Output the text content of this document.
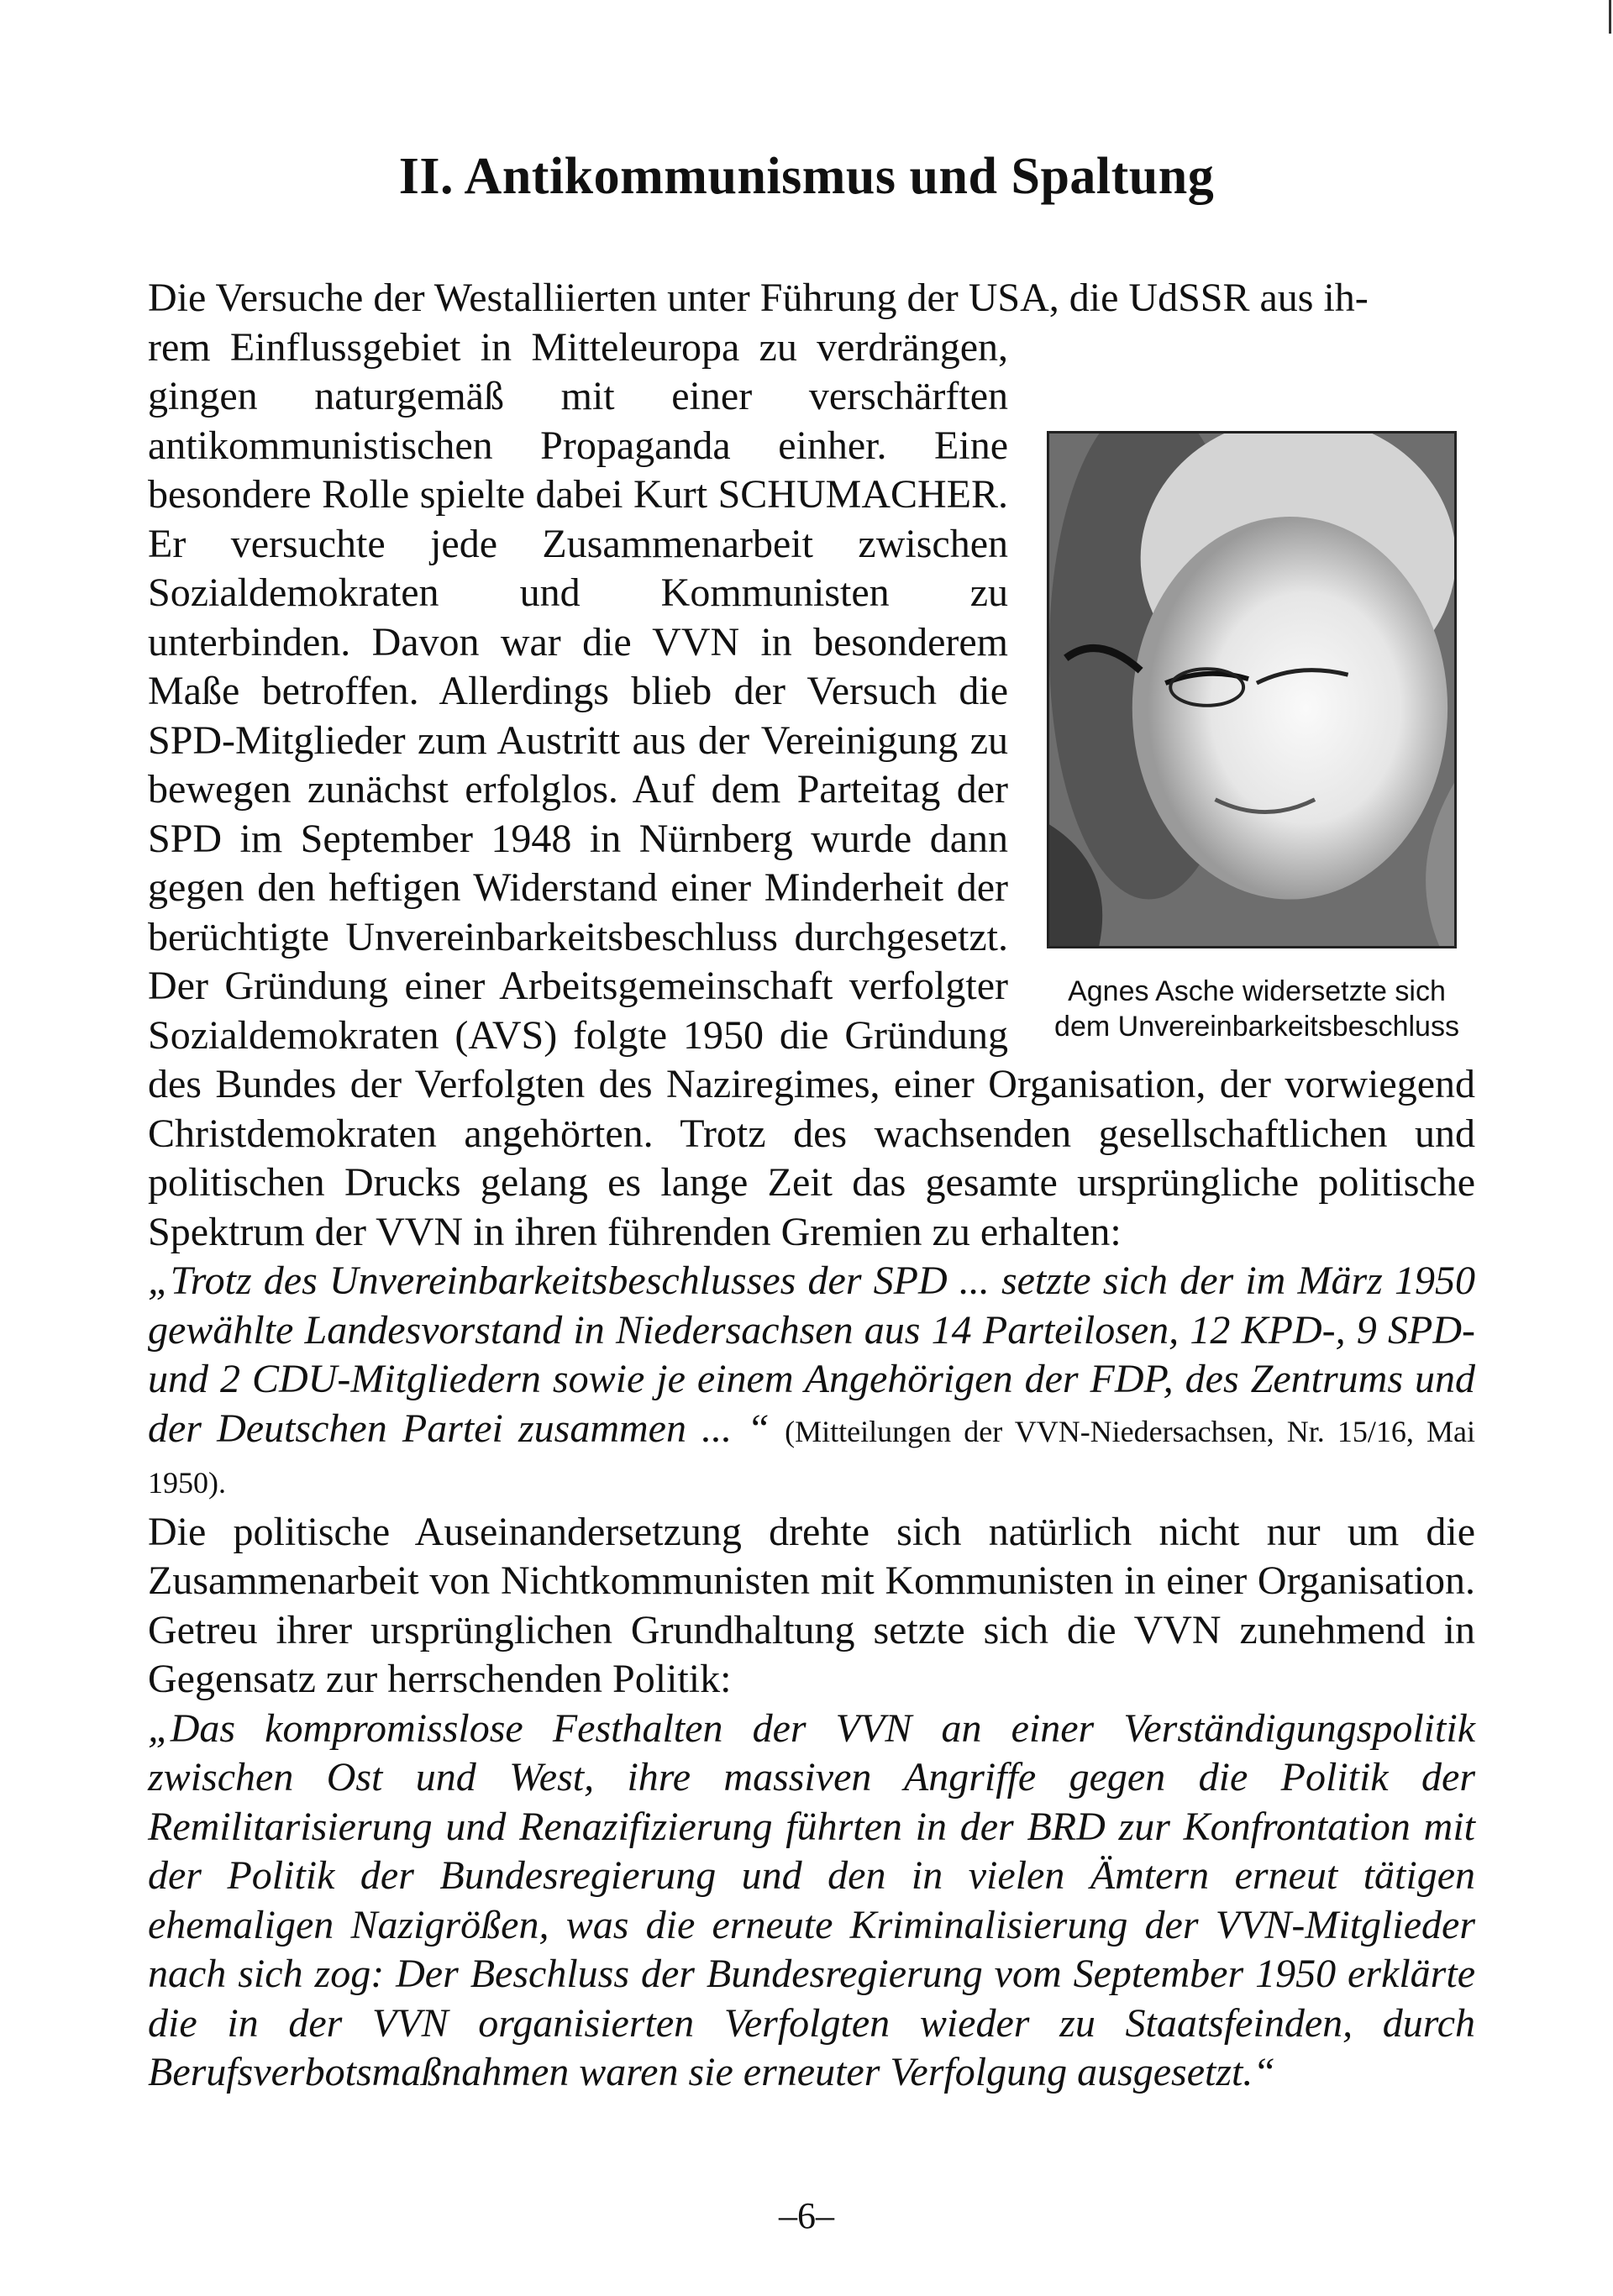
II. Antikommunismus und Spaltung

Die Versuche der Westalliierten unter Führung der USA, die UdSSR aus ih-

Agnes Asche widersetzte sich dem Unvereinbarkeitsbeschluss

rem Einflussgebiet in Mitteleuropa zu verdrängen, gingen naturgemäß mit einer verschärften antikommunistischen Propaganda einher. Eine besondere Rolle spielte dabei Kurt SCHUMACHER. Er versuchte jede Zusammenarbeit zwischen Sozialdemokraten und Kommunisten zu unterbinden. Davon war die VVN in besonderem Maße betroffen. Allerdings blieb der Versuch die SPD-Mitglieder zum Austritt aus der Vereinigung zu bewegen zunächst erfolglos. Auf dem Parteitag der SPD im September 1948 in Nürnberg wurde dann gegen den heftigen Widerstand einer Minderheit der berüchtigte Unvereinbarkeitsbeschluss durchgesetzt. Der Gründung einer Arbeitsgemeinschaft verfolgter Sozialdemokraten (AVS) folgte 1950 die Gründung des Bundes der Verfolgten des Naziregimes, einer Organisation, der vorwiegend Christdemokraten angehörten. Trotz des wachsenden gesellschaftlichen und politischen Drucks gelang es lange Zeit das gesamte ursprüngliche politische Spektrum der VVN in ihren führenden Gremien zu erhalten:

„Trotz des Unvereinbarkeitsbeschlusses der SPD ... setzte sich der im März 1950 gewählte Landesvorstand in Niedersachsen aus 14 Parteilosen, 12 KPD-, 9 SPD- und 2 CDU-Mitgliedern sowie je einem Angehörigen der FDP, des Zentrums und der Deutschen Partei zusammen ... “ (Mitteilungen der VVN-Niedersachsen, Nr. 15/16, Mai 1950).

Die politische Auseinandersetzung drehte sich natürlich nicht nur um die Zusammenarbeit von Nichtkommunisten mit Kommunisten in einer Organisation. Getreu ihrer ursprünglichen Grundhaltung setzte sich die VVN zunehmend in Gegensatz zur herrschenden Politik:

„Das kompromisslose Festhalten der VVN an einer Verständigungspolitik zwischen Ost und West, ihre massiven Angriffe gegen die Politik der Remilitarisierung und Renazifizierung führten in der BRD zur Konfrontation mit der Politik der Bundesregierung und den in vielen Ämtern erneut tätigen ehemaligen Nazigrößen, was die erneute Kriminalisierung der VVN-Mitglieder nach sich zog: Der Beschluss der Bundesregierung vom September 1950 erklärte die in der VVN organisierten Verfolgten wieder zu Staatsfeinden, durch Berufsverbotsmaßnahmen waren sie erneuter Verfolgung ausgesetzt.“

–6–
